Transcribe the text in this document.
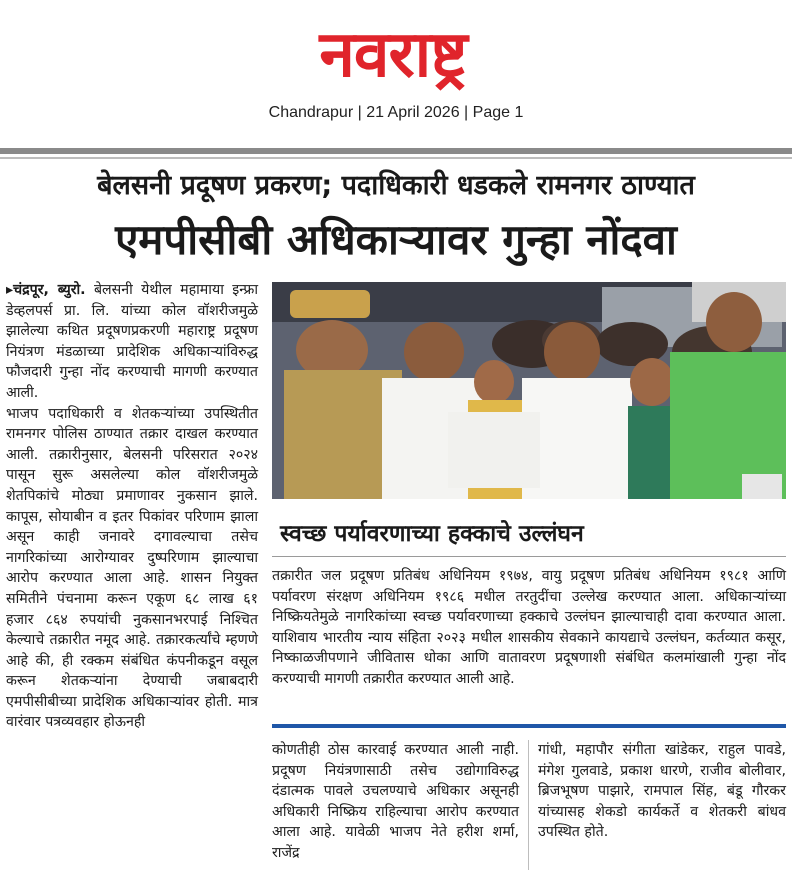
नवराष्ट्र
Chandrapur | 21 April 2026 | Page 1
बेलसनी प्रदूषण प्रकरण; पदाधिकारी धडकले रामनगर ठाण्यात
एमपीसीबी अधिकाऱ्यावर गुन्हा नोंदवा

▸चंद्रपूर, ब्युरो. बेलसनी येथील महामाया इन्फ्रा डेव्हलपर्स प्रा. लि. यांच्या कोल वॉशरीजमुळे झालेल्या कथित प्रदूषणप्रकरणी महाराष्ट्र प्रदूषण नियंत्रण मंडळाच्या प्रादेशिक अधिकाऱ्यांविरुद्ध फौजदारी गुन्हा नोंद करण्याची मागणी करण्यात आली.

भाजप पदाधिकारी व शेतकऱ्यांच्या उपस्थितीत रामनगर पोलिस ठाण्यात तक्रार दाखल करण्यात आली. तक्रारीनुसार, बेलसनी परिसरात २०२४ पासून सुरू असलेल्या कोल वॉशरीजमुळे शेतपिकांचे मोठ्या प्रमाणावर नुकसान झाले. कापूस, सोयाबीन व इतर पिकांवर परिणाम झाला असून काही जनावरे दगावल्याचा तसेच नागरिकांच्या आरोग्यावर दुष्परिणाम झाल्याचा आरोप करण्यात आला आहे. शासन नियुक्त समितीने पंचनामा करून एकूण ६८ लाख ६१ हजार ८६४ रुपयांची नुकसानभरपाई निश्चित केल्याचे तक्रारीत नमूद आहे. तक्रारकर्त्यांचे म्हणणे आहे की, ही रक्कम संबंधित कंपनीकडून वसूल करून शेतकऱ्यांना देण्याची जबाबदारी एमपीसीबीच्या प्रादेशिक अधिकाऱ्यांवर होती. मात्र वारंवार पत्रव्यवहार होऊनही

स्वच्छ पर्यावरणाच्या हक्काचे उल्लंघन

तक्रारीत जल प्रदूषण प्रतिबंध अधिनियम १९७४, वायु प्रदूषण प्रतिबंध अधिनियम १९८१ आणि पर्यावरण संरक्षण अधिनियम १९८६ मधील तरतुदींचा उल्लेख करण्यात आला. अधिकाऱ्यांच्या निष्क्रियतेमुळे नागरिकांच्या स्वच्छ पर्यावरणाच्या हक्काचे उल्लंघन झाल्याचाही दावा करण्यात आला. याशिवाय भारतीय न्याय संहिता २०२३ मधील शासकीय सेवकाने कायद्याचे उल्लंघन, कर्तव्यात कसूर, निष्काळजीपणाने जीवितास धोका आणि वातावरण प्रदूषणाशी संबंधित कलमांखाली गुन्हा नोंद करण्याची मागणी तक्रारीत करण्यात आली आहे.

कोणतीही ठोस कारवाई करण्यात आली नाही. प्रदूषण नियंत्रणासाठी तसेच उद्योगाविरुद्ध दंडात्मक पावले उचलण्याचे अधिकार असूनही अधिकारी निष्क्रिय राहिल्याचा आरोप करण्यात आला आहे. यावेळी भाजप नेते हरीश शर्मा, राजेंद्र

गांधी, महापौर संगीता खांडेकर, राहुल पावडे, मंगेश गुलवाडे, प्रकाश धारणे, राजीव बोलीवार, ब्रिजभूषण पाझारे, रामपाल सिंह, बंडू गौरकर यांच्यासह शेकडो कार्यकर्ते व शेतकरी बांधव उपस्थित होते.
